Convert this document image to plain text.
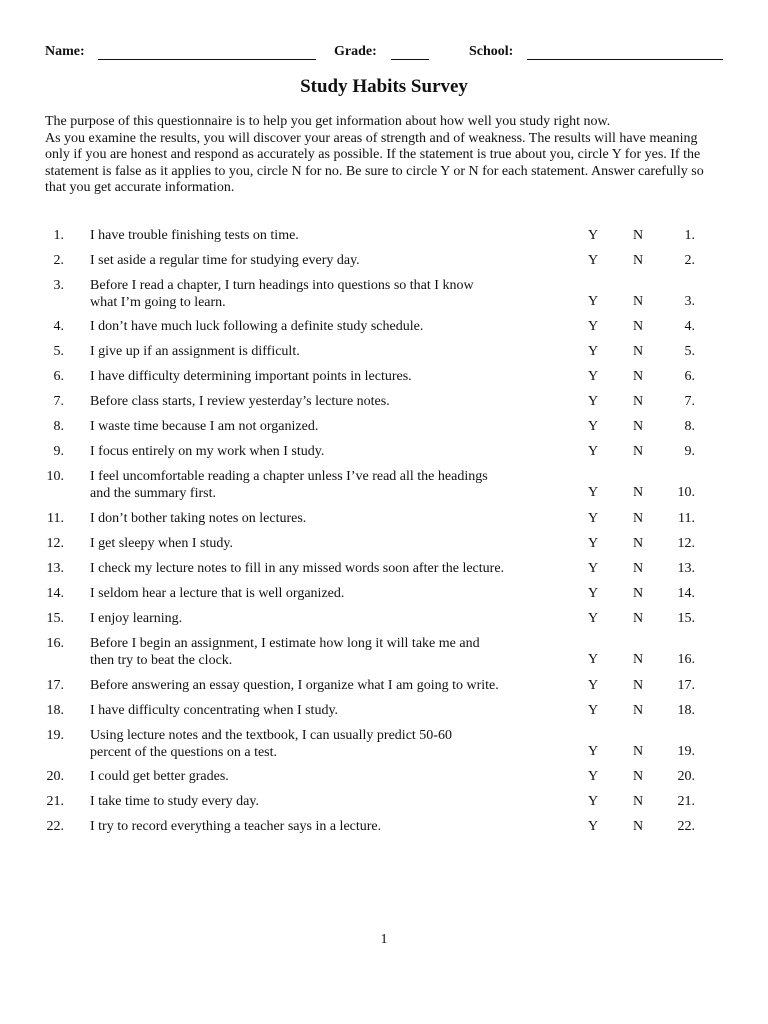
Name:	Grade:	School:
Study Habits Survey

The purpose of this questionnaire is to help you get information about how well you study right now.

As you examine the results, you will discover your areas of strength and of weakness. The results will have meaning only if you are honest and respond as accurately as possible. If the statement is true about you, circle Y for yes. If the statement is false as it applies to you, circle N for no. Be sure to circle Y or N for each statement. Answer carefully so that you get accurate information.

1. I have trouble finishing tests on time.	Y N	1.
2. I set aside a regular time for studying every day.	Y N	2.
3. Before I read a chapter, I turn headings into questions so that I know
what I’m going to learn.	Y N	3.
4. I don’t have much luck following a definite study schedule.	Y N	4.
5. I give up if an assignment is difficult.	Y N	5.
6. I have difficulty determining important points in lectures.	Y N	6.
7. Before class starts, I review yesterday’s lecture notes.	Y N	7.
8. I waste time because I am not organized.	Y N	8.
9. I focus entirely on my work when I study.	Y N	9.
10. I feel uncomfortable reading a chapter unless I’ve read all the headings
and the summary first.	Y N	10.
11. I don’t bother taking notes on lectures.	Y N	11.
12. I get sleepy when I study.	Y N	12.
13. I check my lecture notes to fill in any missed words soon after the lecture.	Y N	13.
14. I seldom hear a lecture that is well organized.	Y N	14.
15. I enjoy learning.	Y N	15.
16. Before I begin an assignment, I estimate how long it will take me and
then try to beat the clock.	Y N	16.
17. Before answering an essay question, I organize what I am going to write.	Y N	17.
18. I have difficulty concentrating when I study.	Y N	18.
19. Using lecture notes and the textbook, I can usually predict 50-60
percent of the questions on a test.	Y N	19.
20. I could get better grades.	Y N	20.
21. I take time to study every day.	Y N	21.
22. I try to record everything a teacher says in a lecture.	Y N	22.
1
